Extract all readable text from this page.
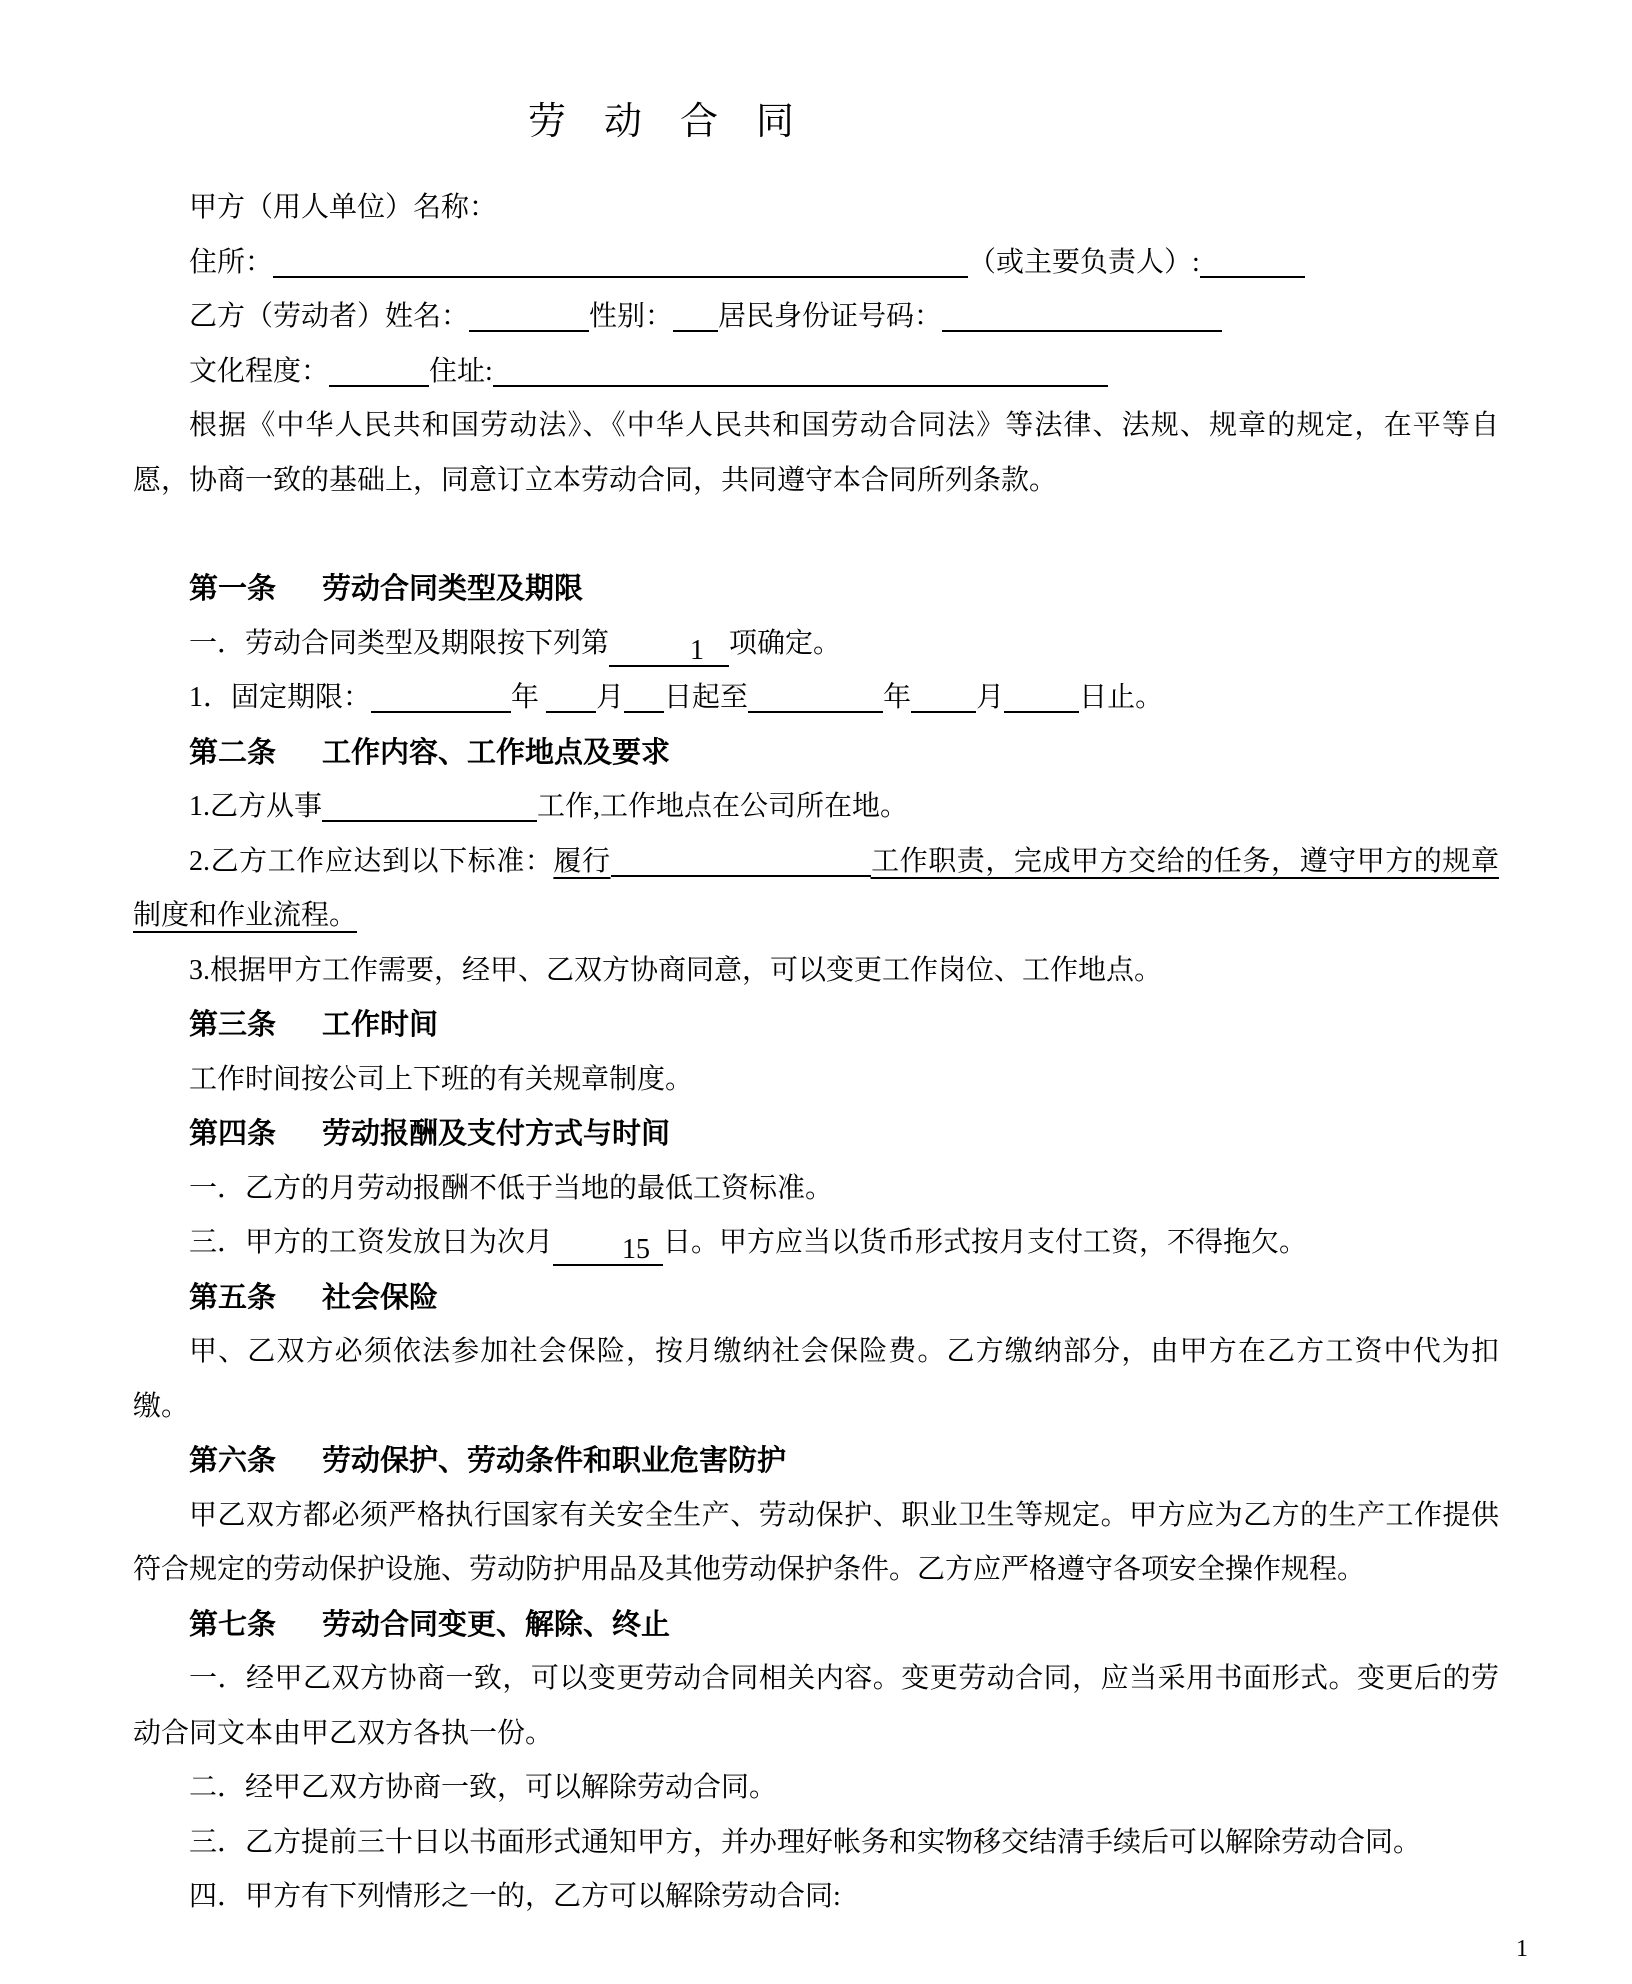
劳　动　合　同

甲方（用人单位）名称：

住所：	（或主要负责人）:

乙方（劳动者）姓名：	性别： 居民身份证号码：

文化程度：	住址:

根据《中华人民共和国劳动法》、《中华人民共和国劳动合同法》等法律、法规、规章的规定，在平等自愿，协商一致的基础上，同意订立本劳动合同，共同遵守本合同所列条款。

第一条 劳动合同类型及期限

一．劳动合同类型及期限按下列第	1 项确定。

1．固定期限：	年 月 日起至	年 月	日止。

第二条 工作内容、工作地点及要求

1.乙方从事	工作,工作地点在公司所在地。

2.乙方工作应达到以下标准：履行	工作职责，完成甲方交给的任务，遵守甲方的规章制度和作业流程。

3.根据甲方工作需要，经甲、乙双方协商同意，可以变更工作岗位、工作地点。

第三条 工作时间

工作时间按公司上下班的有关规章制度。

第四条 劳动报酬及支付方式与时间

一．乙方的月劳动报酬不低于当地的最低工资标准。

三．甲方的工资发放日为次月 15 日。甲方应当以货币形式按月支付工资，不得拖欠。

第五条 社会保险

甲、乙双方必须依法参加社会保险，按月缴纳社会保险费。乙方缴纳部分，由甲方在乙方工资中代为扣缴。

第六条 劳动保护、劳动条件和职业危害防护

甲乙双方都必须严格执行国家有关安全生产、劳动保护、职业卫生等规定。甲方应为乙方的生产工作提供符合规定的劳动保护设施、劳动防护用品及其他劳动保护条件。乙方应严格遵守各项安全操作规程。

第七条 劳动合同变更、解除、终止

一．经甲乙双方协商一致，可以变更劳动合同相关内容。变更劳动合同，应当采用书面形式。变更后的劳动合同文本由甲乙双方各执一份。

二．经甲乙双方协商一致，可以解除劳动合同。

三．乙方提前三十日以书面形式通知甲方，并办理好帐务和实物移交结清手续后可以解除劳动合同。

四．甲方有下列情形之一的，乙方可以解除劳动合同:

1
